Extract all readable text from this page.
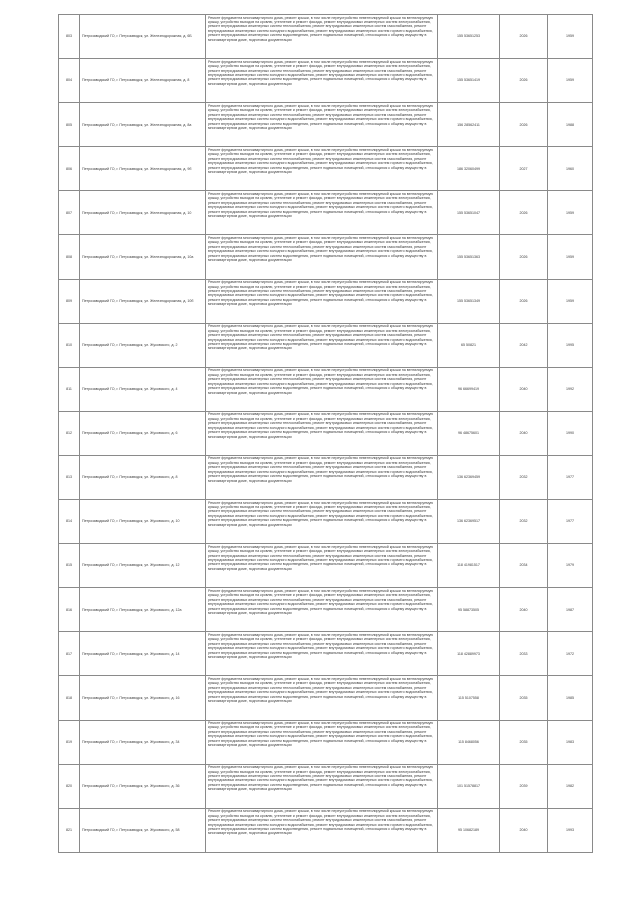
803	Петрозаводский ГО, г. Петрозаводск, ул. Железнодорожная, д. 6Б	Ремонт фундамента многоквартирного дома, ремонт крыши, в том числе переустройство невентилируемой крыши на вентилируемую крышу, устройство выходов на кровлю, утепление и ремонт фасада, ремонт внутридомовых инженерных систем электроснабжения, ремонт внутридомовых инженерных систем теплоснабжения, ремонт внутридомовых инженерных систем газоснабжения, ремонт внутридомовых инженерных систем холодного водоснабжения, ремонт внутридомовых инженерных систем горячего водоснабжения, ремонт внутридомовых инженерных систем водоотведения, ремонт подвальных помещений, относящихся к общему имуществу в многоквартирном доме, подготовка документации	155 53651253	2026	1959
804	Петрозаводский ГО, г. Петрозаводск, ул. Железнодорожная, д. 8	Ремонт фундамента многоквартирного дома, ремонт крыши, в том числе переустройство невентилируемой крыши на вентилируемую крышу, устройство выходов на кровлю, утепление и ремонт фасада, ремонт внутридомовых инженерных систем электроснабжения, ремонт внутридомовых инженерных систем теплоснабжения, ремонт внутридомовых инженерных систем газоснабжения, ремонт внутридомовых инженерных систем холодного водоснабжения, ремонт внутридомовых инженерных систем горячего водоснабжения, ремонт внутридомовых инженерных систем водоотведения, ремонт подвальных помещений, относящихся к общему имуществу в многоквартирном доме, подготовка документации	155 53651419	2026	1959
805	Петрозаводский ГО, г. Петрозаводск, ул. Железнодорожная, д. 8а	Ремонт фундамента многоквартирного дома, ремонт крыши, в том числе переустройство невентилируемой крыши на вентилируемую крышу, устройство выходов на кровлю, утепление и ремонт фасада, ремонт внутридомовых инженерных систем электроснабжения, ремонт внутридомовых инженерных систем теплоснабжения, ремонт внутридомовых инженерных систем газоснабжения, ремонт внутридомовых инженерных систем холодного водоснабжения, ремонт внутридомовых инженерных систем горячего водоснабжения, ремонт внутридомовых инженерных систем водоотведения, ремонт подвальных помещений, относящихся к общему имуществу в многоквартирном доме, подготовка документации	156 28562411	2026	1988
806	Петрозаводский ГО, г. Петрозаводск, ул. Железнодорожная, д. 9б	Ремонт фундамента многоквартирного дома, ремонт крыши, в том числе переустройство невентилируемой крыши на вентилируемую крышу, устройство выходов на кровлю, утепление и ремонт фасада, ремонт внутридомовых инженерных систем электроснабжения, ремонт внутридомовых инженерных систем теплоснабжения, ремонт внутридомовых инженерных систем газоснабжения, ремонт внутридомовых инженерных систем холодного водоснабжения, ремонт внутридомовых инженерных систем горячего водоснабжения, ремонт внутридомовых инженерных систем водоотведения, ремонт подвальных помещений, относящихся к общему имуществу в многоквартирном доме, подготовка документации	186 32060499	2027	1960
807	Петрозаводский ГО, г. Петрозаводск, ул. Железнодорожная, д. 10	Ремонт фундамента многоквартирного дома, ремонт крыши, в том числе переустройство невентилируемой крыши на вентилируемую крышу, устройство выходов на кровлю, утепление и ремонт фасада, ремонт внутридомовых инженерных систем электроснабжения, ремонт внутридомовых инженерных систем теплоснабжения, ремонт внутридомовых инженерных систем газоснабжения, ремонт внутридомовых инженерных систем холодного водоснабжения, ремонт внутридомовых инженерных систем горячего водоснабжения, ремонт внутридомовых инженерных систем водоотведения, ремонт подвальных помещений, относящихся к общему имуществу в многоквартирном доме, подготовка документации	155 53651047	2026	1959
808	Петрозаводский ГО, г. Петрозаводск, ул. Железнодорожная, д. 10а	Ремонт фундамента многоквартирного дома, ремонт крыши, в том числе переустройство невентилируемой крыши на вентилируемую крышу, устройство выходов на кровлю, утепление и ремонт фасада, ремонт внутридомовых инженерных систем электроснабжения, ремонт внутридомовых инженерных систем теплоснабжения, ремонт внутридомовых инженерных систем газоснабжения, ремонт внутридомовых инженерных систем холодного водоснабжения, ремонт внутридомовых инженерных систем горячего водоснабжения, ремонт внутридомовых инженерных систем водоотведения, ремонт подвальных помещений, относящихся к общему имуществу в многоквартирном доме, подготовка документации	155 53651363	2026	1959
809	Петрозаводский ГО, г. Петрозаводск, ул. Железнодорожная, д. 10б	Ремонт фундамента многоквартирного дома, ремонт крыши, в том числе переустройство невентилируемой крыши на вентилируемую крышу, устройство выходов на кровлю, утепление и ремонт фасада, ремонт внутридомовых инженерных систем электроснабжения, ремонт внутридомовых инженерных систем теплоснабжения, ремонт внутридомовых инженерных систем газоснабжения, ремонт внутридомовых инженерных систем холодного водоснабжения, ремонт внутридомовых инженерных систем горячего водоснабжения, ремонт внутридомовых инженерных систем водоотведения, ремонт подвальных помещений, относящихся к общему имуществу в многоквартирном доме, подготовка документации	155 53651349	2026	1959
810	Петрозаводский ГО, г. Петрозаводск, ул. Жуковского, д. 2	Ремонт фундамента многоквартирного дома, ремонт крыши, в том числе переустройство невентилируемой крыши на вентилируемую крышу, устройство выходов на кровлю, утепление и ремонт фасада, ремонт внутридомовых инженерных систем электроснабжения, ремонт внутридомовых инженерных систем теплоснабжения, ремонт внутридомовых инженерных систем газоснабжения, ремонт внутридомовых инженерных систем холодного водоснабжения, ремонт внутридомовых инженерных систем горячего водоснабжения, ремонт внутридомовых инженерных систем водоотведения, ремонт подвальных помещений, относящихся к общему имуществу в многоквартирном доме, подготовка документации	65 50821	2042	1995
811	Петрозаводский ГО, г. Петрозаводск, ул. Жуковского, д. 4	Ремонт фундамента многоквартирного дома, ремонт крыши, в том числе переустройство невентилируемой крыши на вентилируемую крышу, устройство выходов на кровлю, утепление и ремонт фасада, ремонт внутридомовых инженерных систем электроснабжения, ремонт внутридомовых инженерных систем теплоснабжения, ремонт внутридомовых инженерных систем газоснабжения, ремонт внутридомовых инженерных систем холодного водоснабжения, ремонт внутридомовых инженерных систем горячего водоснабжения, ремонт внутридомовых инженерных систем водоотведения, ремонт подвальных помещений, относящихся к общему имуществу в многоквартирном доме, подготовка документации	96 66699419	2040	1992
812	Петрозаводский ГО, г. Петрозаводск, ул. Жуковского, д. 6	Ремонт фундамента многоквартирного дома, ремонт крыши, в том числе переустройство невентилируемой крыши на вентилируемую крышу, устройство выходов на кровлю, утепление и ремонт фасада, ремонт внутридомовых инженерных систем электроснабжения, ремонт внутридомовых инженерных систем теплоснабжения, ремонт внутридомовых инженерных систем газоснабжения, ремонт внутридомовых инженерных систем холодного водоснабжения, ремонт внутридомовых инженерных систем горячего водоснабжения, ремонт внутридомовых инженерных систем водоотведения, ремонт подвальных помещений, относящихся к общему имуществу в многоквартирном доме, подготовка документации	96 48675601	2040	1990
813	Петрозаводский ГО, г. Петрозаводск, ул. Жуковского, д. 8	Ремонт фундамента многоквартирного дома, ремонт крыши, в том числе переустройство невентилируемой крыши на вентилируемую крышу, устройство выходов на кровлю, утепление и ремонт фасада, ремонт внутридомовых инженерных систем электроснабжения, ремонт внутридомовых инженерных систем теплоснабжения, ремонт внутридомовых инженерных систем газоснабжения, ремонт внутридомовых инженерных систем холодного водоснабжения, ремонт внутридомовых инженерных систем горячего водоснабжения, ремонт внутридомовых инженерных систем водоотведения, ремонт подвальных помещений, относящихся к общему имуществу в многоквартирном доме, подготовка документации	136 62369459	2032	1977
814	Петрозаводский ГО, г. Петрозаводск, ул. Жуковского, д. 10	Ремонт фундамента многоквартирного дома, ремонт крыши, в том числе переустройство невентилируемой крыши на вентилируемую крышу, устройство выходов на кровлю, утепление и ремонт фасада, ремонт внутридомовых инженерных систем электроснабжения, ремонт внутридомовых инженерных систем теплоснабжения, ремонт внутридомовых инженерных систем газоснабжения, ремонт внутридомовых инженерных систем холодного водоснабжения, ремонт внутридомовых инженерных систем горячего водоснабжения, ремонт внутридомовых инженерных систем водоотведения, ремонт подвальных помещений, относящихся к общему имуществу в многоквартирном доме, подготовка документации	136 62369517	2032	1977
815	Петрозаводский ГО, г. Петрозаводск, ул. Жуковского, д. 12	Ремонт фундамента многоквартирного дома, ремонт крыши, в том числе переустройство невентилируемой крыши на вентилируемую крышу, устройство выходов на кровлю, утепление и ремонт фасада, ремонт внутридомовых инженерных систем электроснабжения, ремонт внутридомовых инженерных систем теплоснабжения, ремонт внутридомовых инженерных систем газоснабжения, ремонт внутридомовых инженерных систем холодного водоснабжения, ремонт внутридомовых инженерных систем горячего водоснабжения, ремонт внутридомовых инженерных систем водоотведения, ремонт подвальных помещений, относящихся к общему имуществу в многоквартирном доме, подготовка документации	118 41981517	2034	1979
816	Петрозаводский ГО, г. Петрозаводск, ул. Жуковского, д. 12а	Ремонт фундамента многоквартирного дома, ремонт крыши, в том числе переустройство невентилируемой крыши на вентилируемую крышу, устройство выходов на кровлю, утепление и ремонт фасада, ремонт внутридомовых инженерных систем электроснабжения, ремонт внутридомовых инженерных систем теплоснабжения, ремонт внутридомовых инженерных систем газоснабжения, ремонт внутридомовых инженерных систем холодного водоснабжения, ремонт внутридомовых инженерных систем горячего водоснабжения, ремонт внутридомовых инженерных систем водоотведения, ремонт подвальных помещений, относящихся к общему имуществу в многоквартирном доме, подготовка документации	95 58873505	2040	1987
817	Петрозаводский ГО, г. Петрозаводск, ул. Жуковского, д. 14	Ремонт фундамента многоквартирного дома, ремонт крыши, в том числе переустройство невентилируемой крыши на вентилируемую крышу, устройство выходов на кровлю, утепление и ремонт фасада, ремонт внутридомовых инженерных систем электроснабжения, ремонт внутридомовых инженерных систем теплоснабжения, ремонт внутридомовых инженерных систем газоснабжения, ремонт внутридомовых инженерных систем холодного водоснабжения, ремонт внутридомовых инженерных систем горячего водоснабжения, ремонт внутридомовых инженерных систем водоотведения, ремонт подвальных помещений, относящихся к общему имуществу в многоквартирном доме, подготовка документации	118 42889973	2033	1972
818	Петрозаводский ГО, г. Петрозаводск, ул. Жуковского, д. 16	Ремонт фундамента многоквартирного дома, ремонт крыши, в том числе переустройство невентилируемой крыши на вентилируемую крышу, устройство выходов на кровлю, утепление и ремонт фасада, ремонт внутридомовых инженерных систем электроснабжения, ремонт внутридомовых инженерных систем теплоснабжения, ремонт внутридомовых инженерных систем газоснабжения, ремонт внутридомовых инженерных систем холодного водоснабжения, ремонт внутридомовых инженерных систем горячего водоснабжения, ремонт внутридомовых инженерных систем водоотведения, ремонт подвальных помещений, относящихся к общему имуществу в многоквартирном доме, подготовка документации	115 5107558	2035	1985
819	Петрозаводский ГО, г. Петрозаводск, ул. Жуковского, д. 34	Ремонт фундамента многоквартирного дома, ремонт крыши, в том числе переустройство невентилируемой крыши на вентилируемую крышу, устройство выходов на кровлю, утепление и ремонт фасада, ремонт внутридомовых инженерных систем электроснабжения, ремонт внутридомовых инженерных систем теплоснабжения, ремонт внутридомовых инженерных систем газоснабжения, ремонт внутридомовых инженерных систем холодного водоснабжения, ремонт внутридомовых инженерных систем горячего водоснабжения, ремонт внутридомовых инженерных систем водоотведения, ремонт подвальных помещений, относящихся к общему имуществу в многоквартирном доме, подготовка документации	115 8468056	2035	1983
820	Петрозаводский ГО, г. Петрозаводск, ул. Жуковского, д. 36	Ремонт фундамента многоквартирного дома, ремонт крыши, в том числе переустройство невентилируемой крыши на вентилируемую крышу, устройство выходов на кровлю, утепление и ремонт фасада, ремонт внутридомовых инженерных систем электроснабжения, ремонт внутридомовых инженерных систем теплоснабжения, ремонт внутридомовых инженерных систем газоснабжения, ремонт внутридомовых инженерных систем холодного водоснабжения, ремонт внутридомовых инженерных систем горячего водоснабжения, ремонт внутридомовых инженерных систем водоотведения, ремонт подвальных помещений, относящихся к общему имуществу в многоквартирном доме, подготовка документации	101 51578817	2039	1982
821	Петрозаводский ГО, г. Петрозаводск, ул. Жуковского, д. 58	Ремонт фундамента многоквартирного дома, ремонт крыши, в том числе переустройство невентилируемой крыши на вентилируемую крышу, устройство выходов на кровлю, утепление и ремонт фасада, ремонт внутридомовых инженерных систем электроснабжения, ремонт внутридомовых инженерных систем теплоснабжения, ремонт внутридомовых инженерных систем газоснабжения, ремонт внутридомовых инженерных систем холодного водоснабжения, ремонт внутридомовых инженерных систем горячего водоснабжения, ремонт внутридомовых инженерных систем водоотведения, ремонт подвальных помещений, относящихся к общему имуществу в многоквартирном доме, подготовка документации	95 10682189	2040	1993
